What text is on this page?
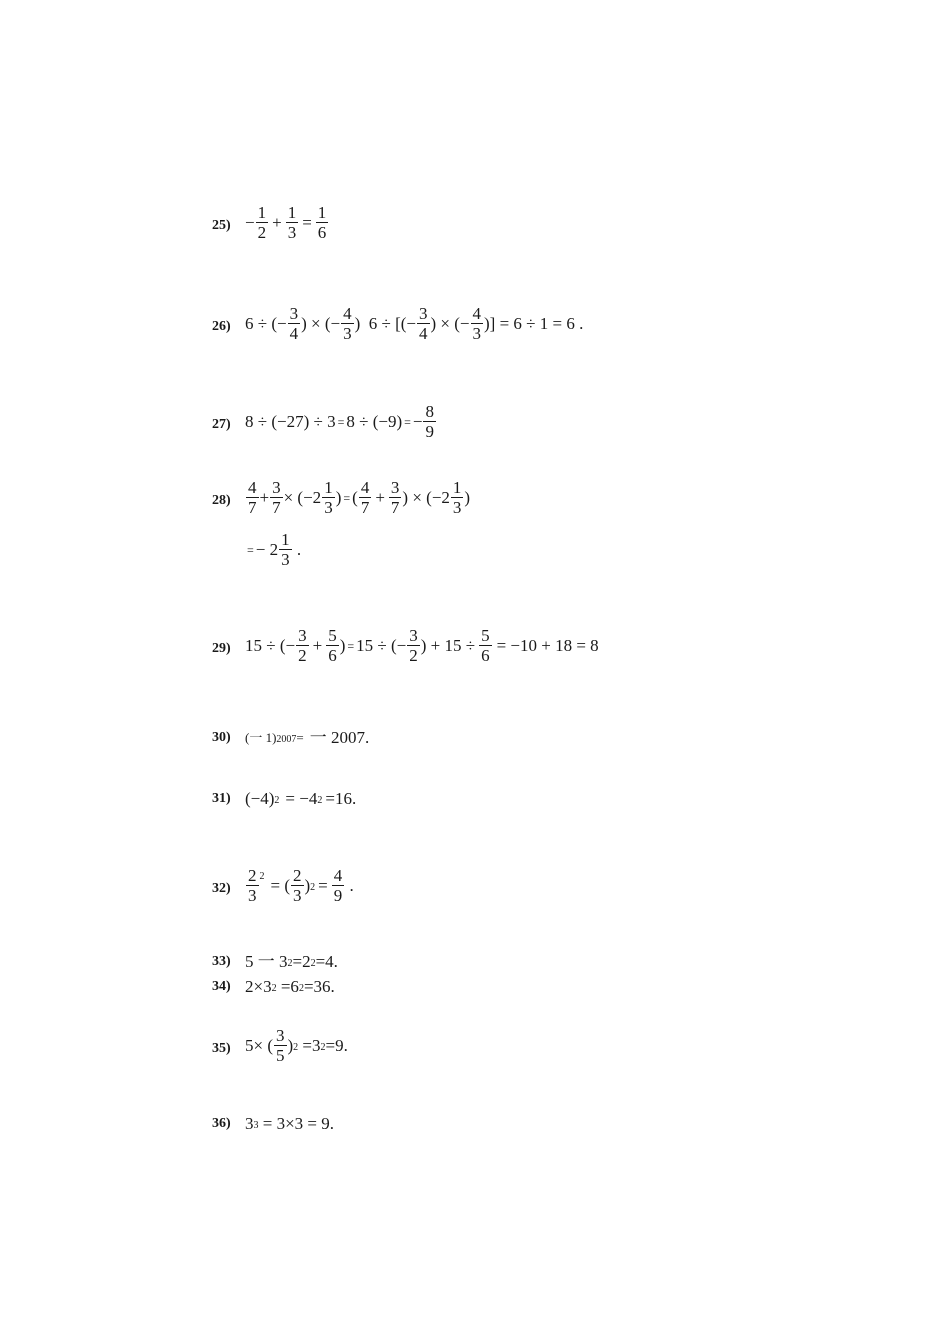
$25) - \frac{1}{2} + \frac{1}{3} = \frac{1}{6}$
26) 6 ÷ (− $\frac{3}{4}$ ) × (− $\frac{4}{3}$ )  6 ÷ [(− $\frac{3}{4}$ ) × (− $\frac{4}{3}$ )] = 6 ÷ 1 = 6 .
27) 8 ÷ (−27) ÷ 3 = 8 ÷ (−9) = − $\frac{8}{9}$
$28) \frac{4}{7} + \frac{3}{7} \times (-2 \frac{1}{3}$ ) = ( $\frac{4}{7} + \frac{3}{7}$ ) × ($-2 \frac{1}{3}$ )
= − $2 \frac{1}{3}$ .
29) 15 ÷ (− $\frac{3}{2} + \frac{5}{6}$ ) = 15 ÷ (− $\frac{3}{2}$ ) + $15 \div \frac{5}{6} = -10 + 18 = 8$
30) (一 1) 2007 = 一 2007.
31) (−4) 2 = −4 2 =16.
$32) \frac{2}{3} 2$ = ( $\frac{2}{3}$ ) $2 = \frac{4}{9}$ .
33) 5 一 3 2 =2 2 =4.
34) 2×3 2 =6 2 =36.
35) 5× ( $\frac{3}{5}$ ) 2 =3 2 =9.
36) 3 3 = 3×3 = 9.
